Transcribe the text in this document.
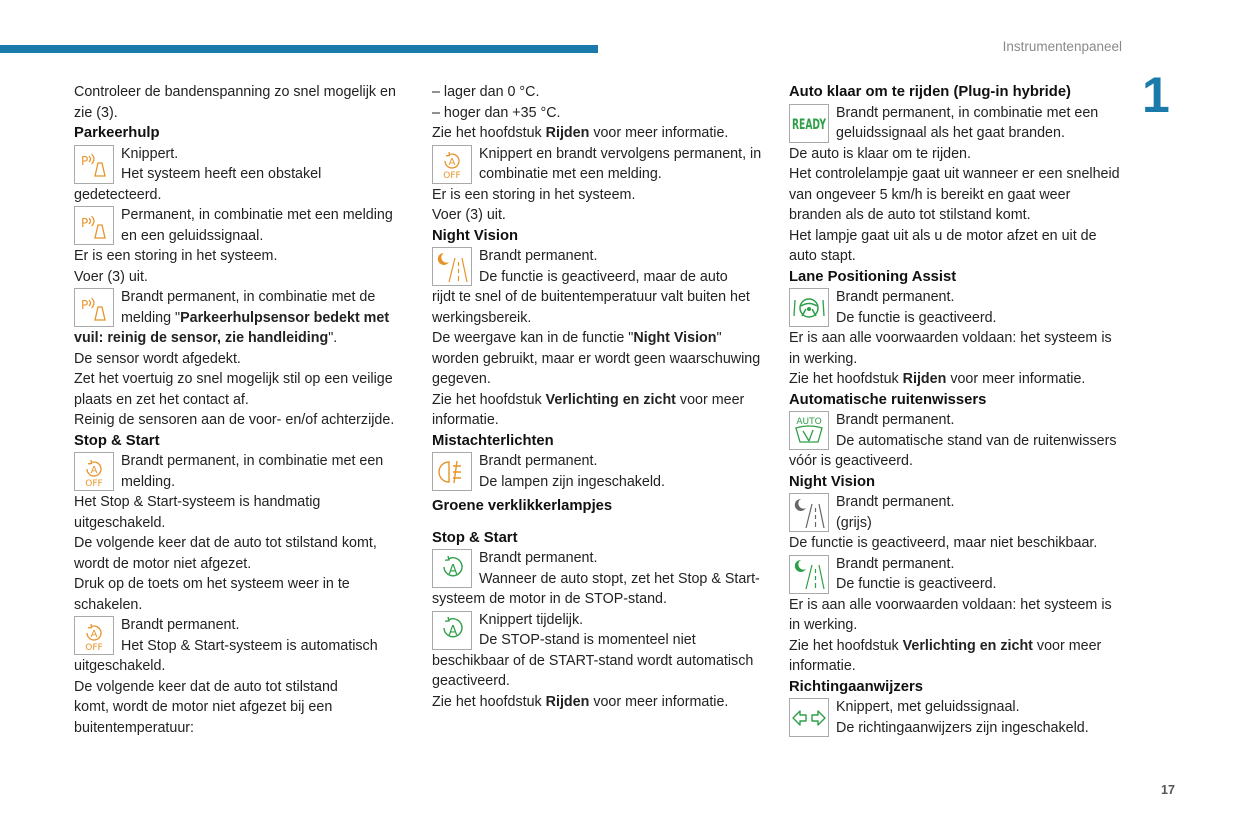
Instrumentenpaneel
1
17

Controleer de bandenspanning zo snel mogelijk en

zie (3).

Parkeerhulp
P	Knippert.

Het systeem heeft een obstakel

gedetecteerd.

P	Permanent, in combinatie met een melding

en een geluidssignaal.

Er is een storing in het systeem.

Voer (3) uit.

P	Brandt permanent, in combinatie met de

melding "Parkeerhulpsensor bedekt met

vuil: reinig de sensor, zie handleiding".

De sensor wordt afgedekt.

Zet het voertuig zo snel mogelijk stil op een veilige

plaats en zet het contact af.

Reinig de sensoren aan de voor- en/of achterzijde.

Stop & Start
A
OFF

Brandt permanent, in combinatie met een

melding.

Het Stop & Start-systeem is handmatig

uitgeschakeld.

De volgende keer dat de auto tot stilstand komt,

wordt de motor niet afgezet.

Druk op de toets om het systeem weer in te

schakelen.

A
OFF

Brandt permanent.

Het Stop & Start-systeem is automatisch

uitgeschakeld.

De volgende keer dat de auto tot stilstand

komt, wordt de motor niet afgezet bij een

buitentemperatuur:

– lager dan 0 °C.

– hoger dan +35 °C.

Zie het hoofdstuk Rijden voor meer informatie.

A
OFF

Knippert en brandt vervolgens permanent, in

combinatie met een melding.

Er is een storing in het systeem.

Voer (3) uit.

Night Vision

Brandt permanent.

De functie is geactiveerd, maar de auto

rijdt te snel of de buitentemperatuur valt buiten het

werkingsbereik.

De weergave kan in de functie "Night Vision"

worden gebruikt, maar er wordt geen waarschuwing

gegeven.

Zie het hoofdstuk Verlichting en zicht voor meer

informatie.

Mistachterlichten

Brandt permanent.

De lampen zijn ingeschakeld.

Groene verklikkerlampjes
Stop & Start
A

Brandt permanent.

Wanneer de auto stopt, zet het Stop & Start-

systeem de motor in de STOP-stand.

A

Knippert tijdelijk.

De STOP-stand is momenteel niet

beschikbaar of de START-stand wordt automatisch

geactiveerd.

Zie het hoofdstuk Rijden voor meer informatie.

Auto klaar om te rijden (Plug-in hybride)
READY

Brandt permanent, in combinatie met een

geluidssignaal als het gaat branden.

De auto is klaar om te rijden.

Het controlelampje gaat uit wanneer er een snelheid

van ongeveer 5 km/h is bereikt en gaat weer

branden als de auto tot stilstand komt.

Het lampje gaat uit als u de motor afzet en uit de

auto stapt.

Lane Positioning Assist

Brandt permanent.

De functie is geactiveerd.

Er is aan alle voorwaarden voldaan: het systeem is

in werking.

Zie het hoofdstuk Rijden voor meer informatie.

Automatische ruitenwissers
AUTO	Brandt permanent.

De automatische stand van de ruitenwissers

vóór is geactiveerd.

Night Vision

Brandt permanent.

(grijs)

De functie is geactiveerd, maar niet beschikbaar.

Brandt permanent.

De functie is geactiveerd.

Er is aan alle voorwaarden voldaan: het systeem is

in werking.

Zie het hoofdstuk Verlichting en zicht voor meer

informatie.

Richtingaanwijzers

Knippert, met geluidssignaal.

De richtingaanwijzers zijn ingeschakeld.
